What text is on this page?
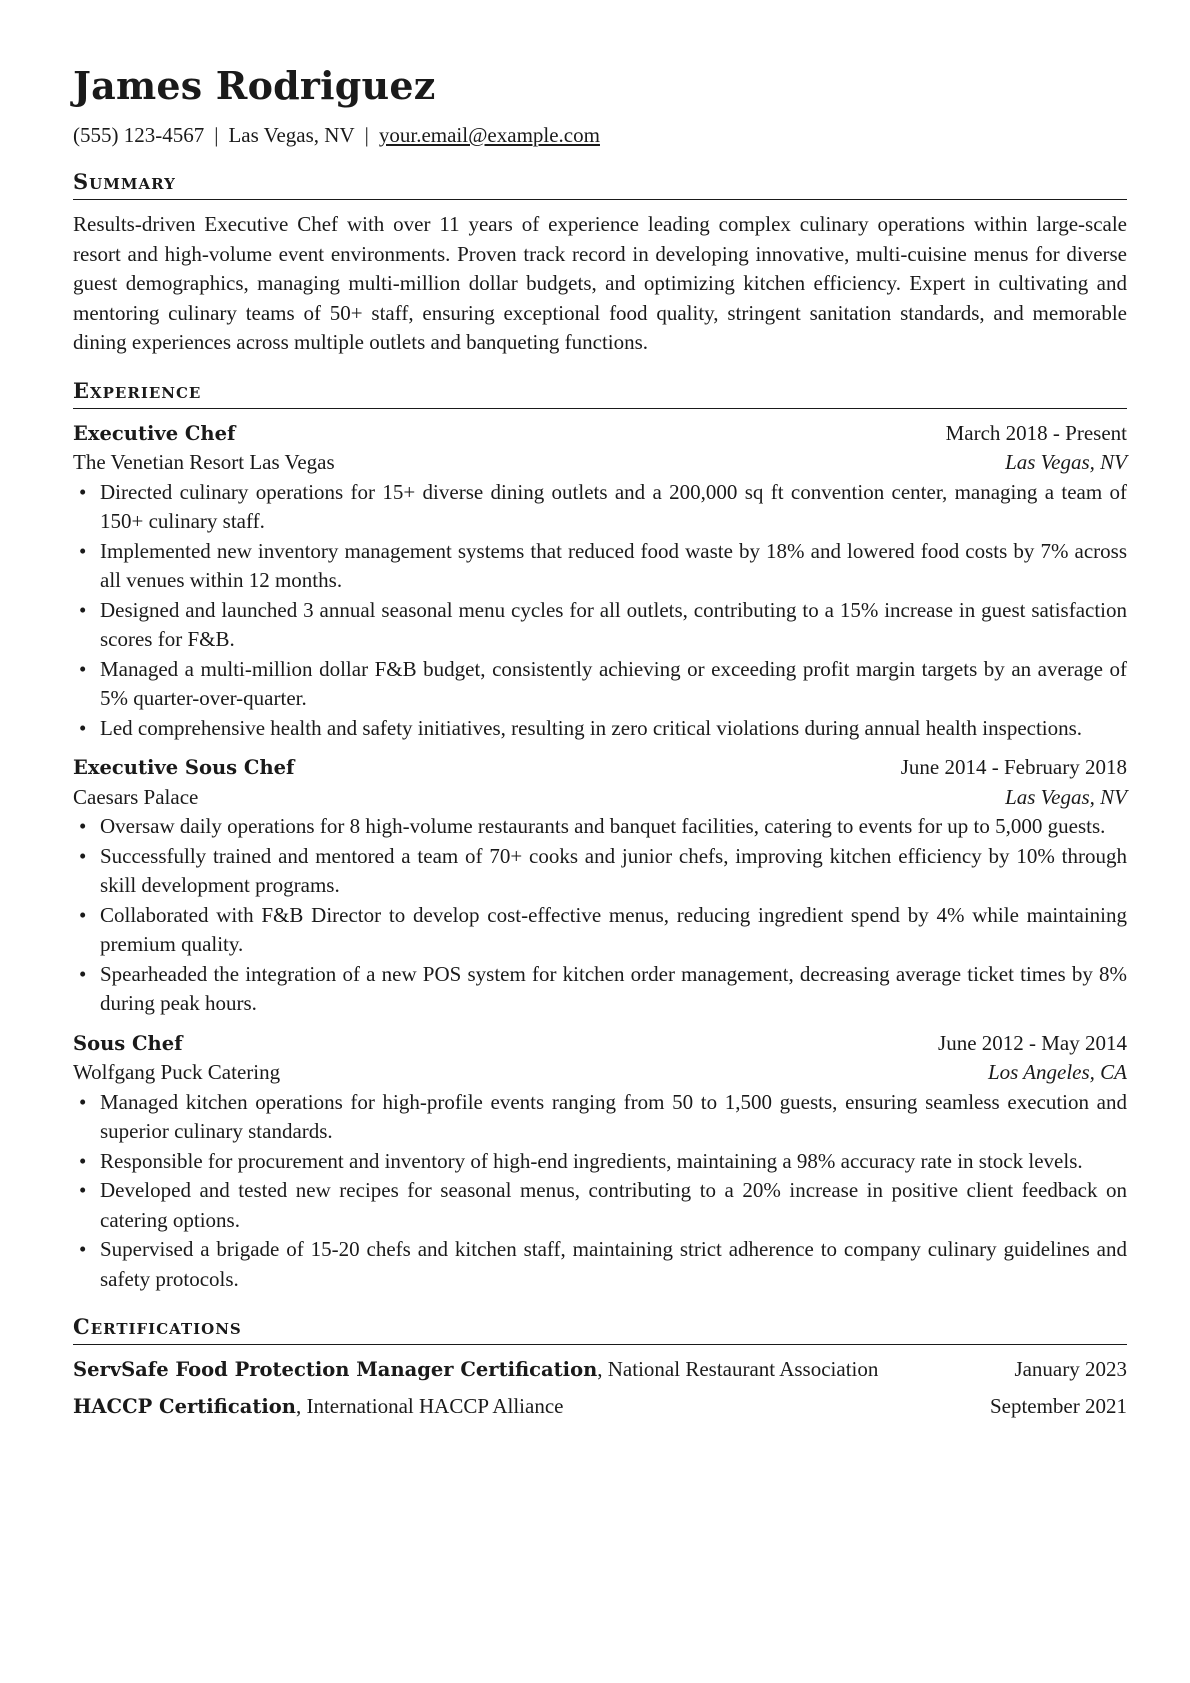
James Rodriguez
(555) 123-4567 | Las Vegas, NV | your.email@example.com
Summary
Results-driven Executive Chef with over 11 years of experience leading complex culinary operations within large-scale resort and high-volume event environments. Proven track record in developing innovative, multi-cuisine menus for diverse guest demographics, managing multi-million dollar budgets, and optimizing kitchen efficiency. Expert in cultivating and mentoring culinary teams of 50+ staff, ensuring exceptional food quality, stringent sanitation standards, and memorable dining experiences across multiple outlets and banqueting functions.
Experience
Executive Chef	March 2018 - Present
The Venetian Resort Las Vegas	Las Vegas, NV
• Directed culinary operations for 15+ diverse dining outlets and a 200,000 sq ft convention center, managing a team of 150+ culinary staff.
• Implemented new inventory management systems that reduced food waste by 18% and lowered food costs by 7% across all venues within 12 months.
• Designed and launched 3 annual seasonal menu cycles for all outlets, contributing to a 15% increase in guest satisfaction scores for F&B.
• Managed a multi-million dollar F&B budget, consistently achieving or exceeding profit margin targets by an average of 5% quarter-over-quarter.
• Led comprehensive health and safety initiatives, resulting in zero critical violations during annual health inspections.
Executive Sous Chef	June 2014 - February 2018
Caesars Palace	Las Vegas, NV
• Oversaw daily operations for 8 high-volume restaurants and banquet facilities, catering to events for up to 5,000 guests.
• Successfully trained and mentored a team of 70+ cooks and junior chefs, improving kitchen efficiency by 10% through skill development programs.
• Collaborated with F&B Director to develop cost-effective menus, reducing ingredient spend by 4% while maintaining premium quality.
• Spearheaded the integration of a new POS system for kitchen order management, decreasing average ticket times by 8% during peak hours.
Sous Chef	June 2012 - May 2014
Wolfgang Puck Catering	Los Angeles, CA
• Managed kitchen operations for high-profile events ranging from 50 to 1,500 guests, ensuring seamless execution and superior culinary standards.
• Responsible for procurement and inventory of high-end ingredients, maintaining a 98% accuracy rate in stock levels.
• Developed and tested new recipes for seasonal menus, contributing to a 20% increase in positive client feedback on catering options.
• Supervised a brigade of 15-20 chefs and kitchen staff, maintaining strict adherence to company culinary guidelines and safety protocols.
Certifications
ServSafe Food Protection Manager Certification, National Restaurant Association	January 2023
HACCP Certification, International HACCP Alliance	September 2021
